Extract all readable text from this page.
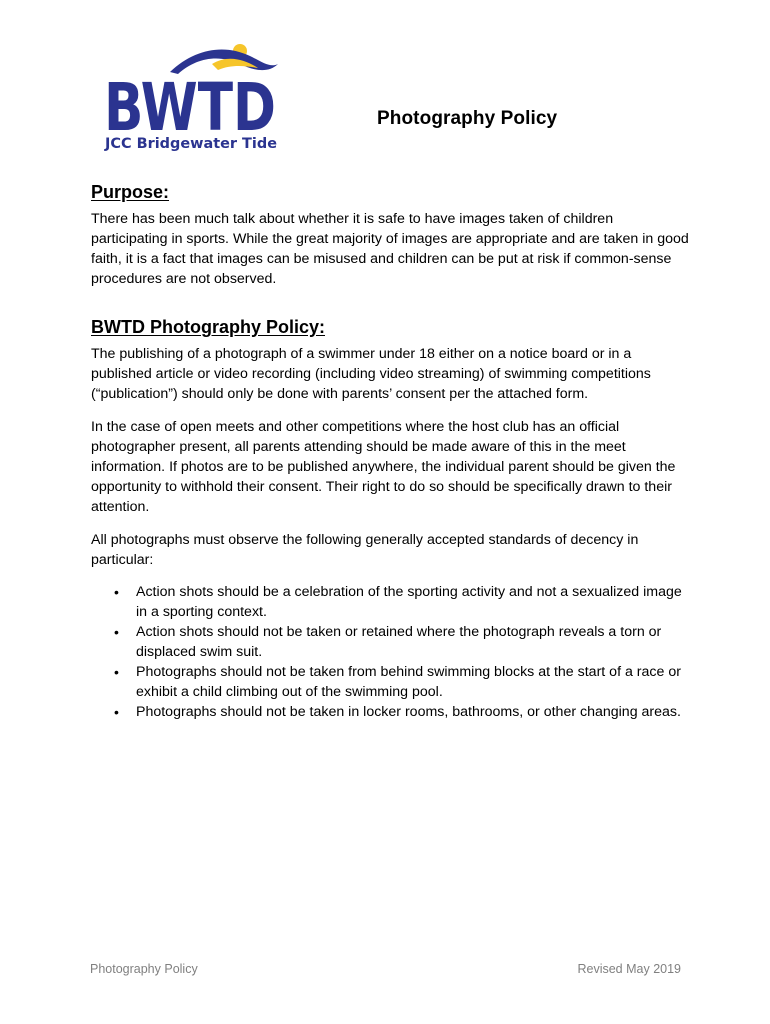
BWTD
JCC Bridgewater Tide
Photography Policy
Purpose:

There has been much talk about whether it is safe to have images taken of children participating in sports. While the great majority of images are appropriate and are taken in good faith, it is a fact that images can be misused and children can be put at risk if common-sense procedures are not observed.

BWTD Photography Policy:

The publishing of a photograph of a swimmer under 18 either on a notice board or in a published article or video recording (including video streaming) of swimming competitions (“publication”) should only be done with parents’ consent per the attached form.

In the case of open meets and other competitions where the host club has an official photographer present, all parents attending should be made aware of this in the meet information. If photos are to be published anywhere, the individual parent should be given the opportunity to withhold their consent. Their right to do so should be specifically drawn to their attention.

All photographs must observe the following generally accepted standards of decency in particular:

• Action shots should be a celebration of the sporting activity and not a sexualized image in a sporting context.
• Action shots should not be taken or retained where the photograph reveals a torn or displaced swim suit.
• Photographs should not be taken from behind swimming blocks at the start of a race or exhibit a child climbing out of the swimming pool.
• Photographs should not be taken in locker rooms, bathrooms, or other changing areas.
Photography Policy	Revised May 2019
